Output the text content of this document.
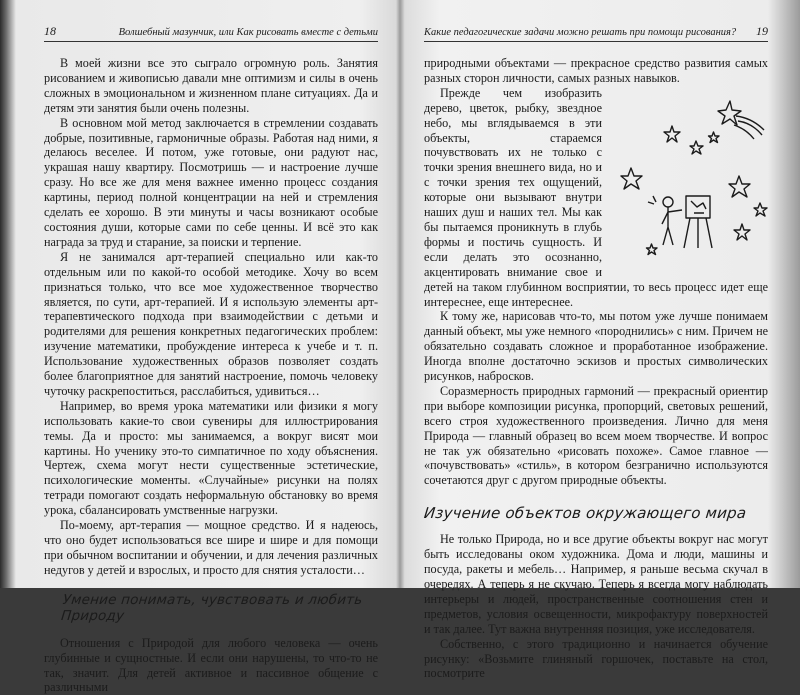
18	Волшебный мазунчик, или Как рисовать вместе с детьми

В моей жизни все это сыграло огромную роль. Занятия рисованием и живописью давали мне оптимизм и силы в очень сложных в эмоциональном и жизненном плане ситуациях. Да и детям эти занятия были очень полезны.

В основном мой метод заключается в стремлении создавать добрые, позитивные, гармоничные образы. Работая над ними, я делаюсь веселее. И потом, уже готовые, они радуют нас, украшая нашу квартиру. Посмотришь — и настроение лучше сразу. Но все же для меня важнее именно процесс создания картины, период полной концентрации на ней и стремления сделать ее хорошо. В эти минуты и часы возникают особые состояния души, которые сами по себе ценны. И всё это как награда за труд и старание, за поиски и терпение.

Я не занимался арт-терапией специально или как-то отдельным или по какой-то особой методике. Хочу во всем признаться только, что все мое художественное творчество является, по сути, арт-терапией. И я использую элементы арт-терапевтического подхода при взаимодействии с детьми и родителями для решения конкретных педагогических проблем: изучение математики, пробуждение интереса к учебе и т. п. Использование художественных образов позволяет создать более благоприятное для занятий настроение, помочь человеку чуточку раскрепоститься, расслабиться, удивиться…

Например, во время урока математики или физики я могу использовать какие-то свои сувениры для иллюстрирования темы. Да и просто: мы занимаемся, а вокруг висят мои картины. Но ученику это-то симпатичное по ходу объяснения. Чертеж, схема могут нести существенные эстетические, психологические моменты. «Случайные» рисунки на полях тетради помогают создать неформальную обстановку во время урока, сбалансировать умственные нагрузки.

По-моему, арт-терапия — мощное средство. И я надеюсь, что оно будет использоваться все шире и шире и для помощи при обычном воспитании и обучении, и для лечения различных недугов у детей и взрослых, и просто для снятия усталости…

Умение понимать, чувствовать и любить Природу

Отношения с Природой для любого человека — очень глубинные и сущностные. И если они нарушены, то что-то не так, значит. Для детей активное и пассивное общение с различными

Какие педагогические задачи можно решать при помощи рисования? 19

природными объектами — прекрасное средство развития самых разных сторон личности, самых разных навыков.

Прежде чем изобразить дерево, цветок, рыбку, звездное небо, мы вглядываемся в эти объекты, стараемся почувствовать их не только с точки зрения внешнего вида, но и с точки зрения тех ощущений, которые они вызывают внутри наших душ и наших тел. Мы как бы пытаемся проникнуть в глубь формы и постичь сущность. И если делать это осознанно, акцентировать внимание свое и детей на таком глубинном восприятии, то весь процесс идет еще интереснее, еще интереснее.

К тому же, нарисовав что-то, мы потом уже лучше понимаем данный объект, мы уже немного «породнились» с ним. Причем не обязательно создавать сложное и проработанное изображение. Иногда вполне достаточно эскизов и простых символических рисунков, набросков.

Соразмерность природных гармоний — прекрасный ориентир при выборе композиции рисунка, пропорций, световых решений, всего строя художественного произведения. Лично для меня Природа — главный образец во всем моем творчестве. И вопрос не так уж обязательно «рисовать похоже». Самое главное — «почувствовать» «стиль», в котором безгранично используются сочетаются друг с другом природные объекты.

Изучение объектов окружающего мира

Не только Природа, но и все другие объекты вокруг нас могут быть исследованы оком художника. Дома и люди, машины и посуда, ракеты и мебель… Например, я раньше весьма скучал в очередях. А теперь я не скучаю. Теперь я всегда могу наблюдать интерьеры и людей, пространственные соотношения стен и предметов, условия освещенности, микрофактуру поверхностей и так далее. Тут важна внутренняя позиция, уже исследователя.

Собственно, с этого традиционно и начинается обучение рисунку: «Возьмите глиняный горшочек, поставьте на стол, посмотрите
